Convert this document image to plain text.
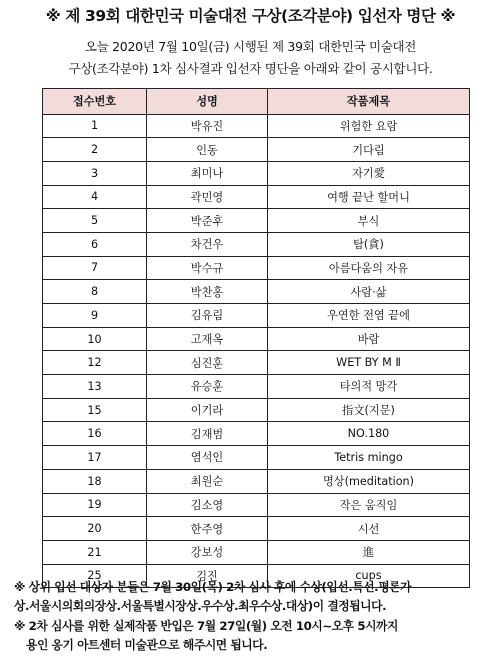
※ 제 39회 대한민국 미술대전 구상(조각분야) 입선자 명단 ※
오늘 2020년 7월 10일(금) 시행된 제 39회 대한민국 미술대전
구상(조각분야) 1차 심사결과 입선자 명단을 아래와 같이 공시합니다.
접수번호	성명	작품제목
1	박유진	위험한 요람
2	인동	기다림
3	최미나	자기愛
4	곽민영	여행 끝난 할머니
5	박준후	부식
6	차건우	탐(貪)
7	박수규	아름다움의 자유
8	박찬홍	사람·삶
9	김유림	우연한 전염 끝에
10	고재옥	바람
12	심진훈	WET BY M Ⅱ
13	유승훈	타의적 망각
15	이기라	指文(지문)
16	김재범	NO.180
17	염석인	Tetris mingo
18	최원순	명상(meditation)
19	김소영	작은 움직임
20	한주영	시선
21	강보성	進
25	김진	cups
※ 상위 입선 대상자 분들은 7월 30일(목) 2차 심사 후에 수상(입선.특선.평론가
상.서울시의회의장상.서울특별시장상.우수상.최우수상.대상)이 결정됩니다.
※ 2차 심사를 위한 실제작품 반입은 7월 27일(월) 오전 10시~오후 5시까지
용인 옹기 아트센터 미술관으로 해주시면 됩니다.
